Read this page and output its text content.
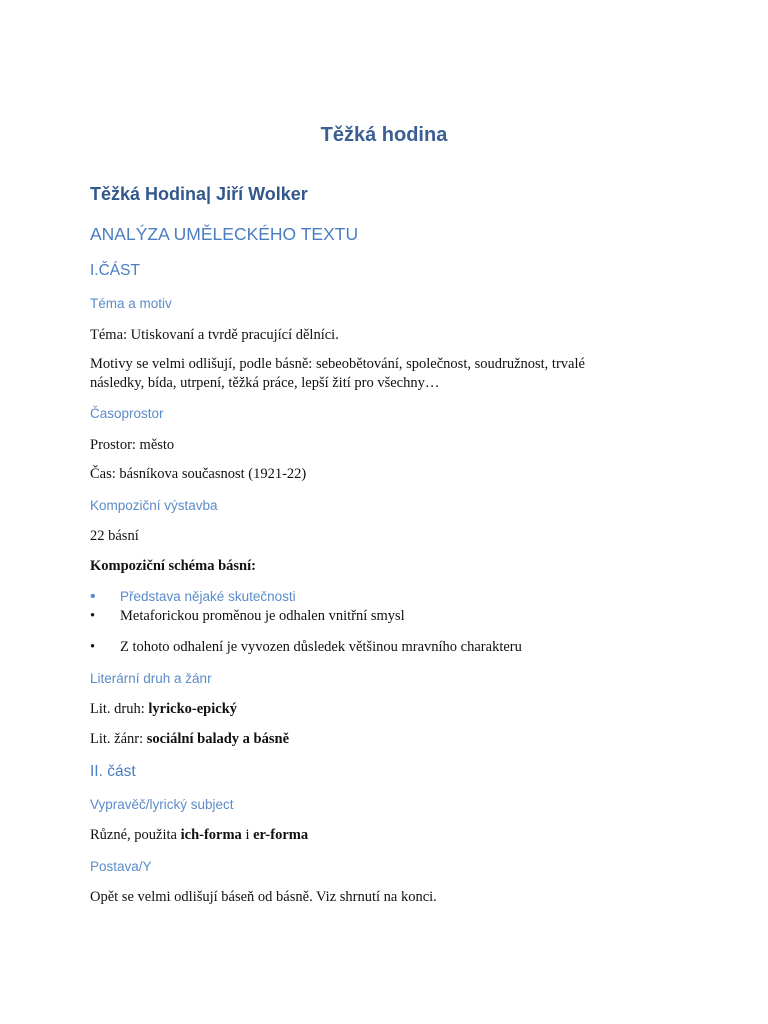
Těžká hodina
Těžká Hodina| Jiří Wolker
ANALÝZA UMĚLECKÉHO TEXTU
I.ČÁST
Téma a motiv
Téma: Utiskovaní a tvrdě pracující dělníci.
Motivy se velmi odlišují, podle básně: sebeobětování, společnost, soudružnost, trvalé
následky, bída, utrpení, těžká práce, lepší žití pro všechny…
Časoprostor
Prostor: město
Čas: básníkova současnost (1921-22)
Kompoziční výstavba
22 básní
Kompoziční schéma básní:
• Představa nějaké skutečnosti
• Metaforickou proměnou je odhalen vnitřní smysl
• Z tohoto odhalení je vyvozen důsledek většinou mravního charakteru
Literární druh a žánr
Lit. druh: lyricko-epický
Lit. žánr: sociální balady a básně
II. část
Vypravěč/lyrický subject
Různé, použita ich-forma i er-forma
Postava/Y
Opět se velmi odlišují báseň od básně. Viz shrnutí na konci.
